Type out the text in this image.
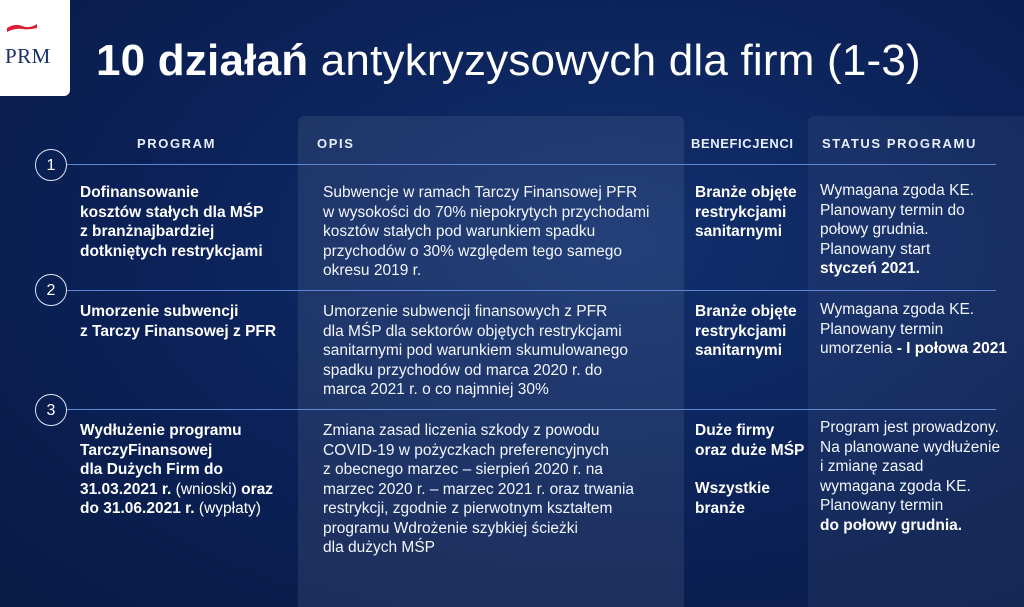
PRM 10 działań antykryzysowych dla firm (1-3)
PROGRAM	OPIS	BENEFICJENCI STATUS PROGRAMU
1
2
3
Dofinansowanie
kosztów stałych dla MŚP
z branżnajbardziej
dotkniętych restrykcjami
Subwencje w ramach Tarczy Finansowej PFR
w wysokości do 70% niepokrytych przychodami
kosztów stałych pod warunkiem spadku
przychodów o 30% względem tego samego
okresu 2019 r.
Branże objęte
restrykcjami
sanitarnymi
Wymagana zgoda KE.
Planowany termin do
połowy grudnia.
Planowany start
styczeń 2021.
Umorzenie subwencji
z Tarczy Finansowej z PFR
Umorzenie subwencji finansowych z PFR
dla MŚP dla sektorów objętych restrykcjami
sanitarnymi pod warunkiem skumulowanego
spadku przychodów od marca 2020 r. do
marca 2021 r. o co najmniej 30%
Branże objęte
restrykcjami
sanitarnymi
Wymagana zgoda KE.
Planowany termin
umorzenia - I połowa 2021
Wydłużenie programu
TarczyFinansowej
dla Dużych Firm do
31.03.2021 r. (wnioski) oraz
do 31.06.2021 r. (wypłaty)
Zmiana zasad liczenia szkody z powodu
COVID-19 w pożyczkach preferencyjnych
z obecnego marzec – sierpień 2020 r. na
marzec 2020 r. – marzec 2021 r. oraz trwania
restrykcji, zgodnie z pierwotnym kształtem
programu Wdrożenie szybkiej ścieżki
dla dużych MŚP
Duże firmy
oraz duże MŚP
Wszystkie
branże
Program jest prowadzony.
Na planowane wydłużenie
i zmianę zasad
wymagana zgoda KE.
Planowany termin
do połowy grudnia.
